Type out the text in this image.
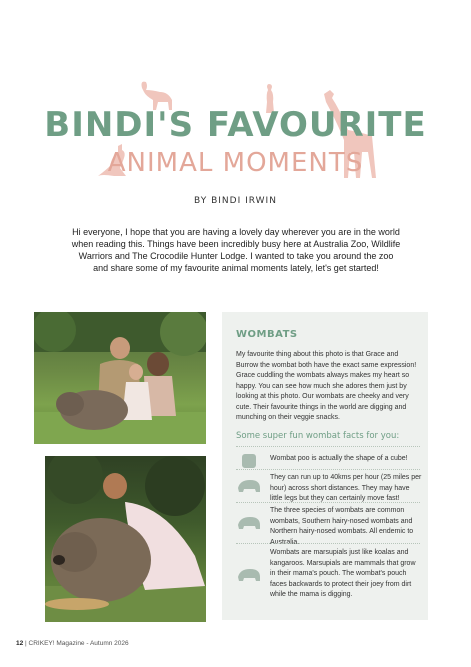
BINDI'S FAVOURITE
ANIMAL MOMENTS
BY BINDI IRWIN
Hi everyone, I hope that you are having a lovely day wherever you are in the world when reading this. Things have been incredibly busy here at Australia Zoo, Wildlife Warriors and The Crocodile Hunter Lodge. I wanted to take you around the zoo and share some of my favourite animal moments lately, let's get started!
WOMBATS
My favourite thing about this photo is that Grace and Burrow the wombat both have the exact same expression! Grace cuddling the wombats always makes my heart so happy. You can see how much she adores them just by looking at this photo. Our wombats are cheeky and very cute. Their favourite things in the world are digging and munching on their veggie snacks.
Some super fun wombat facts for you:
Wombat poo is actually the shape of a cube!
They can run up to 40kms per hour (25 miles per hour) across short distances. They may have little legs but they can certainly move fast!
The three species of wombats are common wombats, Southern hairy-nosed wombats and Northern hairy-nosed wombats. All endemic to Australia.
Wombats are marsupials just like koalas and kangaroos. Marsupials are mammals that grow in their mama's pouch. The wombat's pouch faces backwards to protect their joey from dirt while the mama is digging.
12 | CRIKEY! Magazine - Autumn 2026
